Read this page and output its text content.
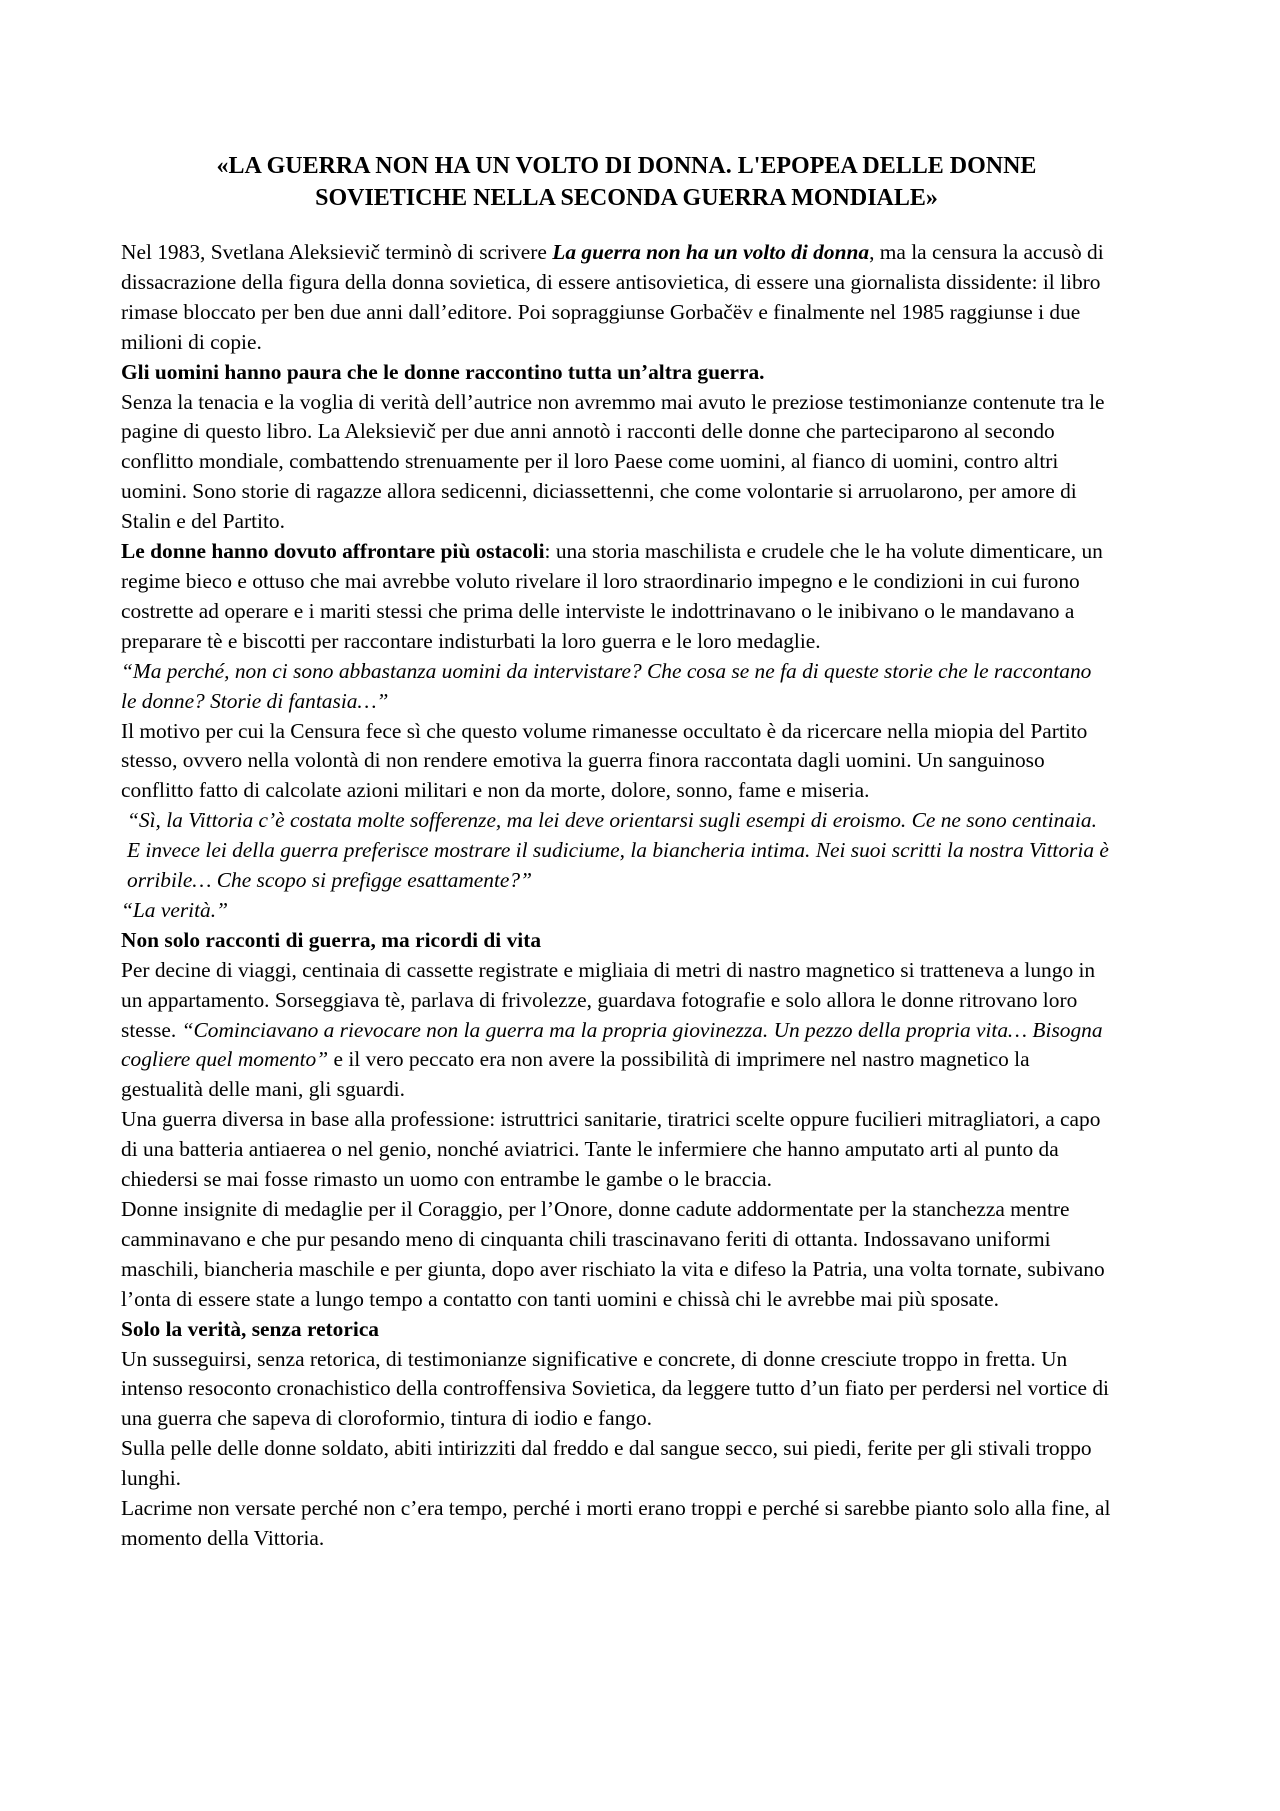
«LA GUERRA NON HA UN VOLTO DI DONNA. L'EPOPEA DELLE DONNE
SOVIETICHE NELLA SECONDA GUERRA MONDIALE»

Nel 1983, Svetlana Aleksievič terminò di scrivere La guerra non ha un volto di donna, ma la censura la accusò di dissacrazione della figura della donna sovietica, di essere antisovietica, di essere una giornalista dissidente: il libro rimase bloccato per ben due anni dall’editore. Poi sopraggiunse Gorbačëv e finalmente nel 1985 raggiunse i due milioni di copie.

Gli uomini hanno paura che le donne raccontino tutta un’altra guerra.

Senza la tenacia e la voglia di verità dell’autrice non avremmo mai avuto le preziose testimonianze contenute tra le pagine di questo libro. La Aleksievič per due anni annotò i racconti delle donne che parteciparono al secondo conflitto mondiale, combattendo strenuamente per il loro Paese come uomini, al fianco di uomini, contro altri uomini. Sono storie di ragazze allora sedicenni, diciassettenni, che come volontarie si arruolarono, per amore di Stalin e del Partito.

Le donne hanno dovuto affrontare più ostacoli: una storia maschilista e crudele che le ha volute dimenticare, un regime bieco e ottuso che mai avrebbe voluto rivelare il loro straordinario impegno e le condizioni in cui furono costrette ad operare e i mariti stessi che prima delle interviste le indottrinavano o le inibivano o le mandavano a preparare tè e biscotti per raccontare indisturbati la loro guerra e le loro medaglie.

“Ma perché, non ci sono abbastanza uomini da intervistare? Che cosa se ne fa di queste storie che le raccontano le donne? Storie di fantasia…”

Il motivo per cui la Censura fece sì che questo volume rimanesse occultato è da ricercare nella miopia del Partito stesso, ovvero nella volontà di non rendere emotiva la guerra finora raccontata dagli uomini. Un sanguinoso conflitto fatto di calcolate azioni militari e non da morte, dolore, sonno, fame e miseria.

“Sì, la Vittoria c’è costata molte sofferenze, ma lei deve orientarsi sugli esempi di eroismo. Ce ne sono centinaia. E invece lei della guerra preferisce mostrare il sudiciume, la biancheria intima. Nei suoi scritti la nostra Vittoria è orribile… Che scopo si prefigge esattamente?”

“La verità.”

Non solo racconti di guerra, ma ricordi di vita

Per decine di viaggi, centinaia di cassette registrate e migliaia di metri di nastro magnetico si tratteneva a lungo in un appartamento. Sorseggiava tè, parlava di frivolezze, guardava fotografie e solo allora le donne ritrovano loro stesse. “Cominciavano a rievocare non la guerra ma la propria giovinezza. Un pezzo della propria vita… Bisogna cogliere quel momento” e il vero peccato era non avere la possibilità di imprimere nel nastro magnetico la gestualità delle mani, gli sguardi.

Una guerra diversa in base alla professione: istruttrici sanitarie, tiratrici scelte oppure fucilieri mitragliatori, a capo di una batteria antiaerea o nel genio, nonché aviatrici. Tante le infermiere che hanno amputato arti al punto da chiedersi se mai fosse rimasto un uomo con entrambe le gambe o le braccia.

Donne insignite di medaglie per il Coraggio, per l’Onore, donne cadute addormentate per la stanchezza mentre camminavano e che pur pesando meno di cinquanta chili trascinavano feriti di ottanta. Indossavano uniformi maschili, biancheria maschile e per giunta, dopo aver rischiato la vita e difeso la Patria, una volta tornate, subivano l’onta di essere state a lungo tempo a contatto con tanti uomini e chissà chi le avrebbe mai più sposate.

Solo la verità, senza retorica

Un susseguirsi, senza retorica, di testimonianze significative e concrete, di donne cresciute troppo in fretta. Un intenso resoconto cronachistico della controffensiva Sovietica, da leggere tutto d’un fiato per perdersi nel vortice di una guerra che sapeva di cloroformio, tintura di iodio e fango.

Sulla pelle delle donne soldato, abiti intirizziti dal freddo e dal sangue secco, sui piedi, ferite per gli stivali troppo lunghi.

Lacrime non versate perché non c’era tempo, perché i morti erano troppi e perché si sarebbe pianto solo alla fine, al momento della Vittoria.
